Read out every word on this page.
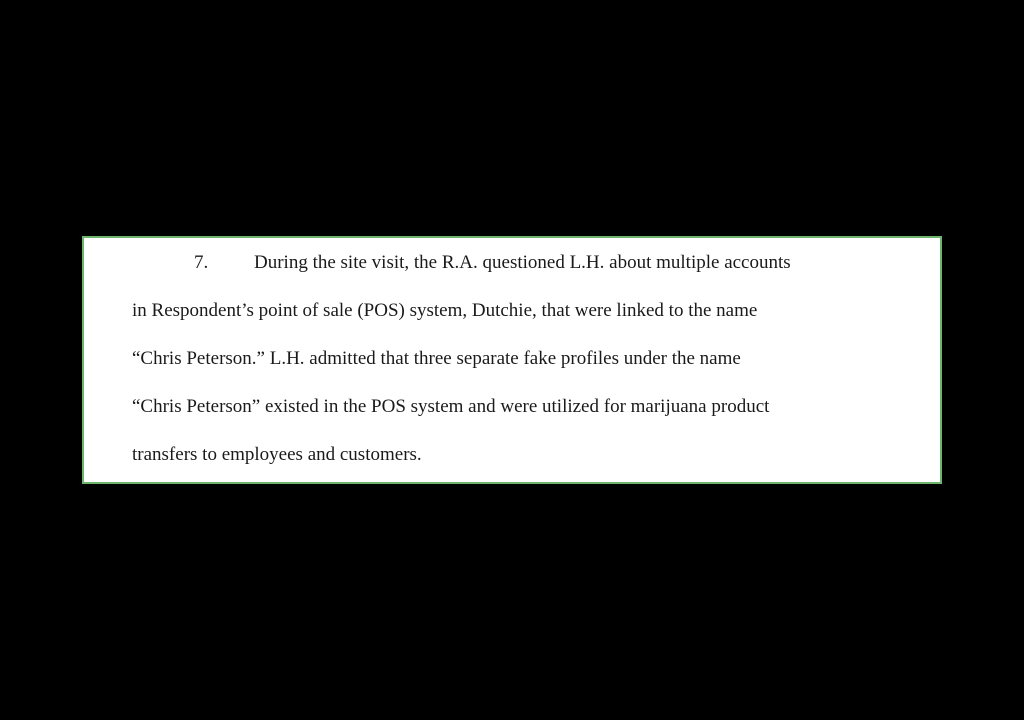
7. During the site visit, the R.A. questioned L.H. about multiple accounts
in Respondent’s point of sale (POS) system, Dutchie, that were linked to the name
“Chris Peterson.” L.H. admitted that three separate fake profiles under the name
“Chris Peterson” existed in the POS system and were utilized for marijuana product
transfers to employees and customers.
